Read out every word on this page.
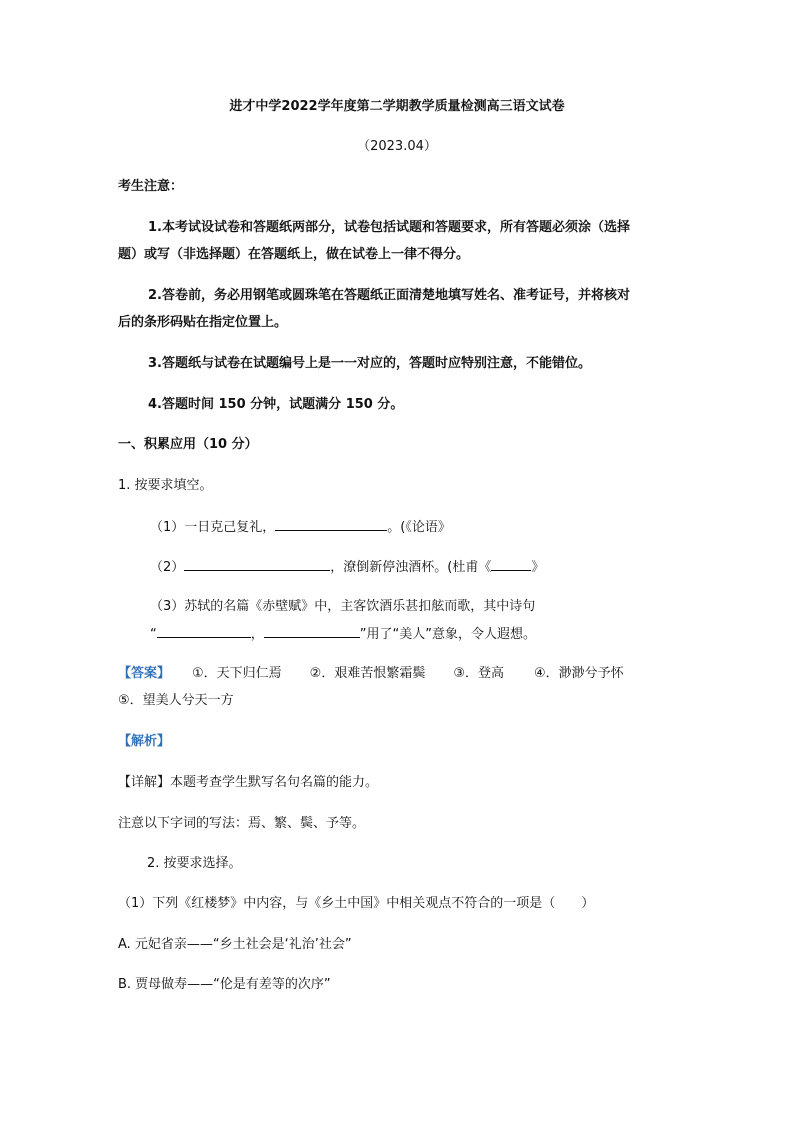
进才中学2022学年度第二学期教学质量检测高三语文试卷
（2023.04）
考生注意：
1.本考试设试卷和答题纸两部分，试卷包括试题和答题要求，所有答题必须涂（选择
题）或写（非选择题）在答题纸上，做在试卷上一律不得分。
2.答卷前，务必用钢笔或圆珠笔在答题纸正面清楚地填写姓名、准考证号，并将核对
后的条形码贴在指定位置上。
3.答题纸与试卷在试题编号上是一一对应的，答题时应特别注意，不能错位。
4.答题时间 150 分钟，试题满分 150 分。
一、积累应用（10 分）
1. 按要求填空。
（1）一日克己复礼，	。(《论语》
（2）	，潦倒新停浊酒杯。(杜甫《	》
（3）苏轼的名篇《赤壁赋》中，主客饮酒乐甚扣舷而歌，其中诗句
“	，	”用了“美人”意象，令人遐想。
【答案】 ①．天下归仁焉 ②．艰难苦恨繁霜鬓 ③．登高 ④．渺渺兮予怀
⑤．望美人兮天一方
【解析】
【详解】本题考查学生默写名句名篇的能力。
注意以下字词的写法：焉、繁、鬓、予等。
2. 按要求选择。
（1）下列《红楼梦》中内容，与《乡土中国》中相关观点不符合的一项是（　　）
A. 元妃省亲——“乡土社会是‘礼治’社会”
B. 贾母做寿——“伦是有差等的次序”
